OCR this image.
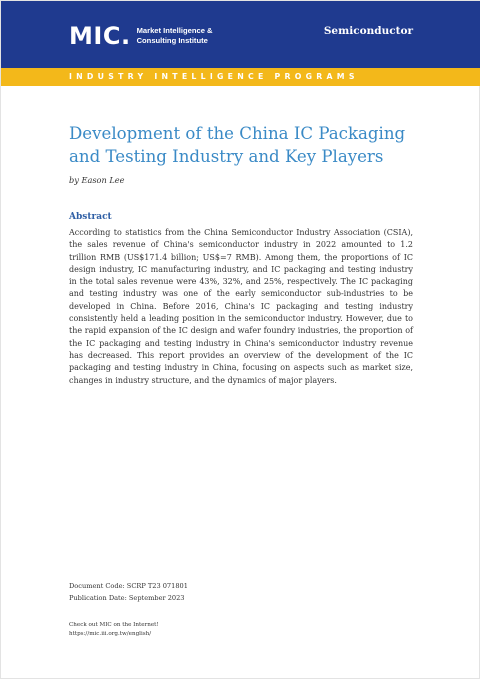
MIC . Market Intelligence &
Consulting Institute
Semiconductor
INDUSTRY INTELLIGENCE PROGRAMS
Development of the China IC Packaging and Testing Industry and Key Players
by Eason Lee
Abstract

According to statistics from the China Semiconductor Industry Association (CSIA), the sales revenue of China's semiconductor industry in 2022 amounted to 1.2 trillion RMB (US$171.4 billion; US$=7 RMB). Among them, the proportions of IC design industry, IC manufacturing industry, and IC packaging and testing industry in the total sales revenue were 43%, 32%, and 25%, respectively. The IC packaging and testing industry was one of the early semiconductor sub-industries to be developed in China. Before 2016, China's IC packaging and testing industry consistently held a leading position in the semiconductor industry. However, due to the rapid expansion of the IC design and wafer foundry industries, the proportion of the IC packaging and testing industry in China's semiconductor industry revenue has decreased. This report provides an overview of the development of the IC packaging and testing industry in China, focusing on aspects such as market size, changes in industry structure, and the dynamics of major players.

Document Code: SCRP T23 071801
Publication Date: September 2023
Check out MIC on the Internet!
https://mic.iii.org.tw/english/
